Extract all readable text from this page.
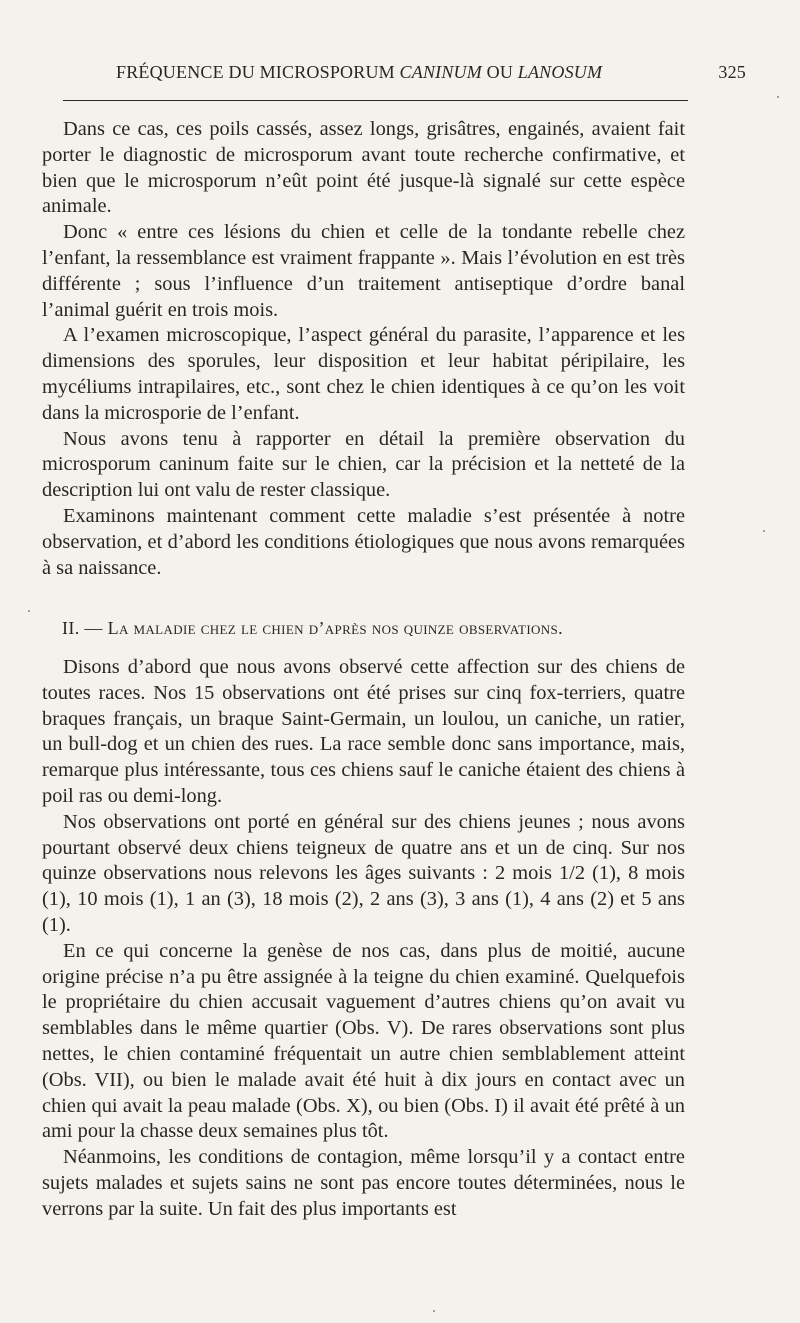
FRÉQUENCE DU MICROSPORUM CANINUM OU LANOSUM	325

Dans ce cas, ces poils cassés, assez longs, grisâtres, engainés, avaient fait porter le diagnostic de microsporum avant toute recherche confirmative, et bien que le microsporum n’eût point été jusque-là signalé sur cette espèce animale.

Donc « entre ces lésions du chien et celle de la tondante rebelle chez l’enfant, la ressemblance est vraiment frappante ». Mais l’évolution en est très différente ; sous l’influence d’un traitement antiseptique d’ordre banal l’animal guérit en trois mois.

A l’examen microscopique, l’aspect général du parasite, l’apparence et les dimensions des sporules, leur disposition et leur habitat péripilaire, les mycéliums intrapilaires, etc., sont chez le chien identiques à ce qu’on les voit dans la microsporie de l’enfant.

Nous avons tenu à rapporter en détail la première observation du microsporum caninum faite sur le chien, car la précision et la netteté de la description lui ont valu de rester classique.

Examinons maintenant comment cette maladie s’est présentée à notre observation, et d’abord les conditions étiologiques que nous avons remarquées à sa naissance.

II. — La maladie chez le chien d’après nos quinze observations.

Disons d’abord que nous avons observé cette affection sur des chiens de toutes races. Nos 15 observations ont été prises sur cinq fox-terriers, quatre braques français, un braque Saint-Germain, un loulou, un caniche, un ratier, un bull-dog et un chien des rues. La race semble donc sans importance, mais, remarque plus intéressante, tous ces chiens sauf le caniche étaient des chiens à poil ras ou demi-long.

Nos observations ont porté en général sur des chiens jeunes ; nous avons pourtant observé deux chiens teigneux de quatre ans et un de cinq. Sur nos quinze observations nous relevons les âges suivants : 2 mois 1/2 (1), 8 mois (1), 10 mois (1), 1 an (3), 18 mois (2), 2 ans (3), 3 ans (1), 4 ans (2) et 5 ans (1).

En ce qui concerne la genèse de nos cas, dans plus de moitié, aucune origine précise n’a pu être assignée à la teigne du chien examiné. Quelquefois le propriétaire du chien accusait vaguement d’autres chiens qu’on avait vu semblables dans le même quartier (Obs. V). De rares observations sont plus nettes, le chien contaminé fréquentait un autre chien semblablement atteint (Obs. VII), ou bien le malade avait été huit à dix jours en contact avec un chien qui avait la peau malade (Obs. X), ou bien (Obs. I) il avait été prêté à un ami pour la chasse deux semaines plus tôt.

Néanmoins, les conditions de contagion, même lorsqu’il y a contact entre sujets malades et sujets sains ne sont pas encore toutes déterminées, nous le verrons par la suite. Un fait des plus importants est
